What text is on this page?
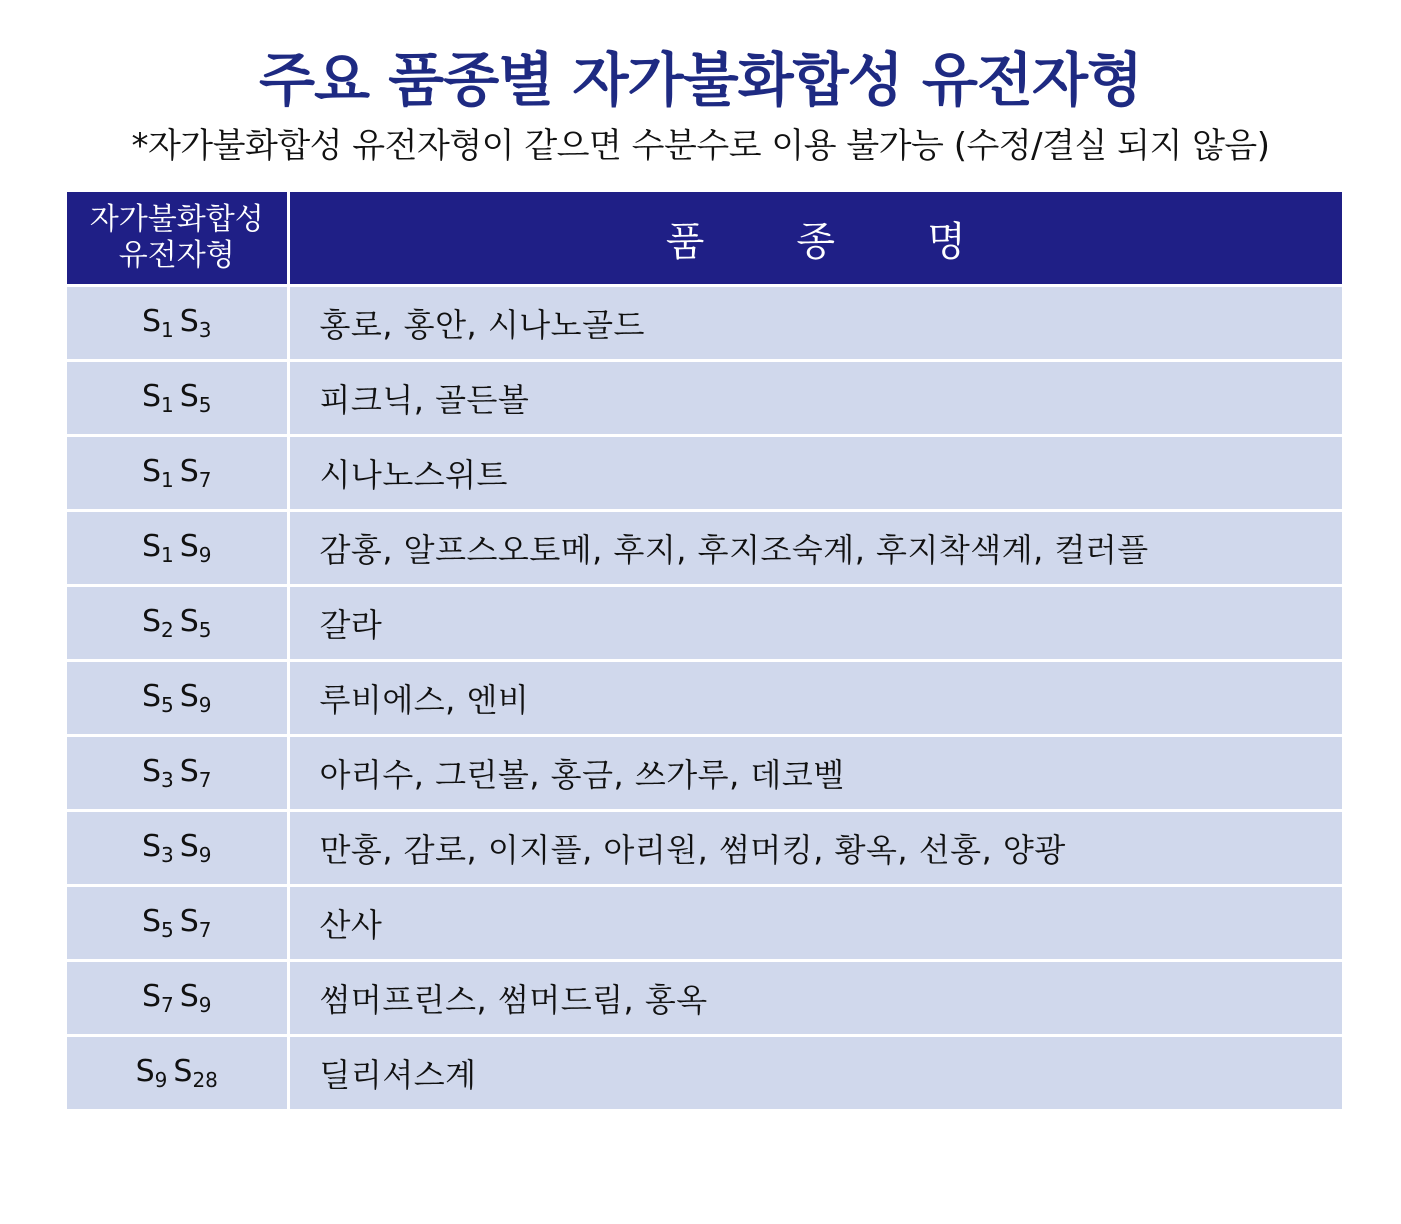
주요 품종별 자가불화합성 유전자형
*자가불화합성 유전자형이 같으면 수분수로 이용 불가능 (수정/결실 되지 않음)
자가불화합성
유전자형	품 종 명
$S_1$ $S_3$	홍로, 홍안, 시나노골드
$S_1$ $S_5$	피크닉, 골든볼
$S_1$ $S_7$	시나노스위트
$S_1$ $S_9$	감홍, 알프스오토메, 후지, 후지조숙계, 후지착색계, 컬러플
$S_2$ $S_5$	갈라
$S_5$ $S_9$	루비에스, 엔비
$S_3$ $S_7$	아리수, 그린볼, 홍금, 쓰가루, 데코벨
$S_3$ $S_9$	만홍, 감로, 이지플, 아리원, 썸머킹, 황옥, 선홍, 양광
$S_5$ $S_7$	산사
$S_7$ $S_9$	썸머프린스, 썸머드림, 홍옥
$S_9$ $S_{28}$	딜리셔스계
